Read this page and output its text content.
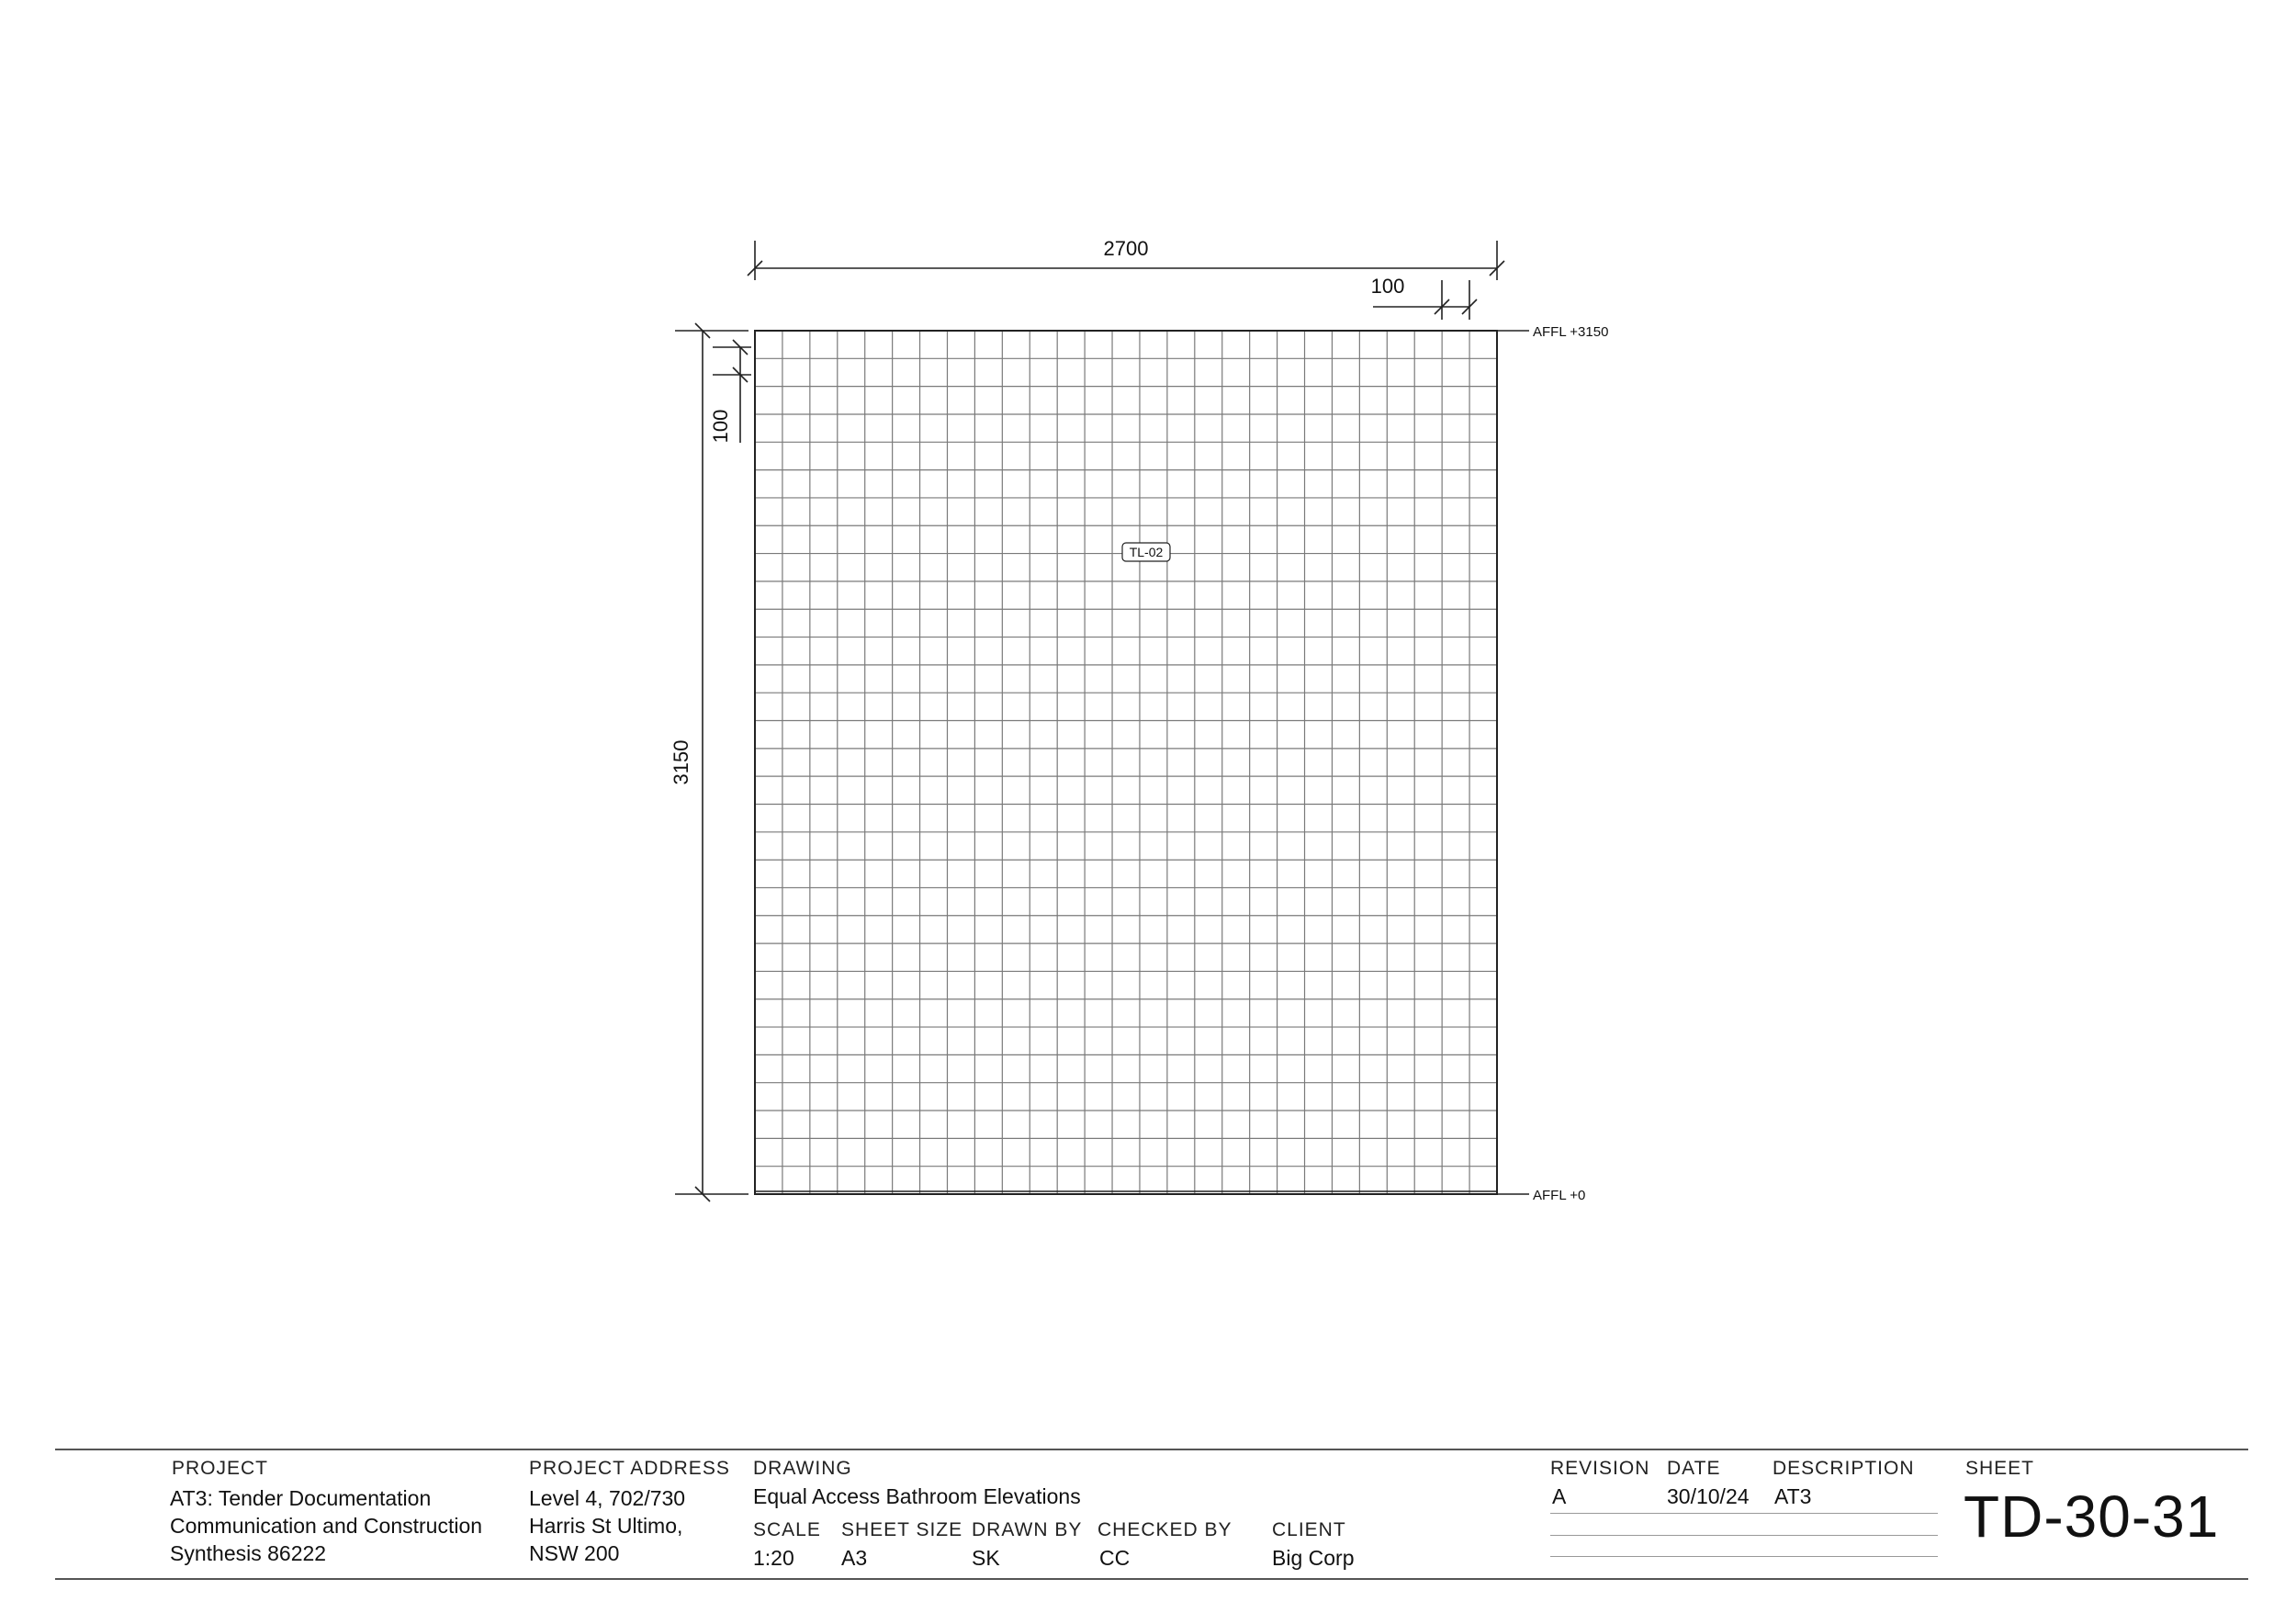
2700
100
3150
100
AFFL +3150
AFFL +0
TL-02
PROJECT
AT3: Tender Documentation
Communication and Construction
Synthesis 86222
PROJECT ADDRESS
Level 4, 702/730
Harris St Ultimo,
NSW 200
DRAWING
Equal Access Bathroom Elevations
SCALE
1:20
SHEET SIZE
A3
DRAWN BY
SK
CHECKED BY
CC
CLIENT
Big Corp
REVISION DATE	DESCRIPTION
A	30/10/24 AT3
SHEET
TD-30-31
